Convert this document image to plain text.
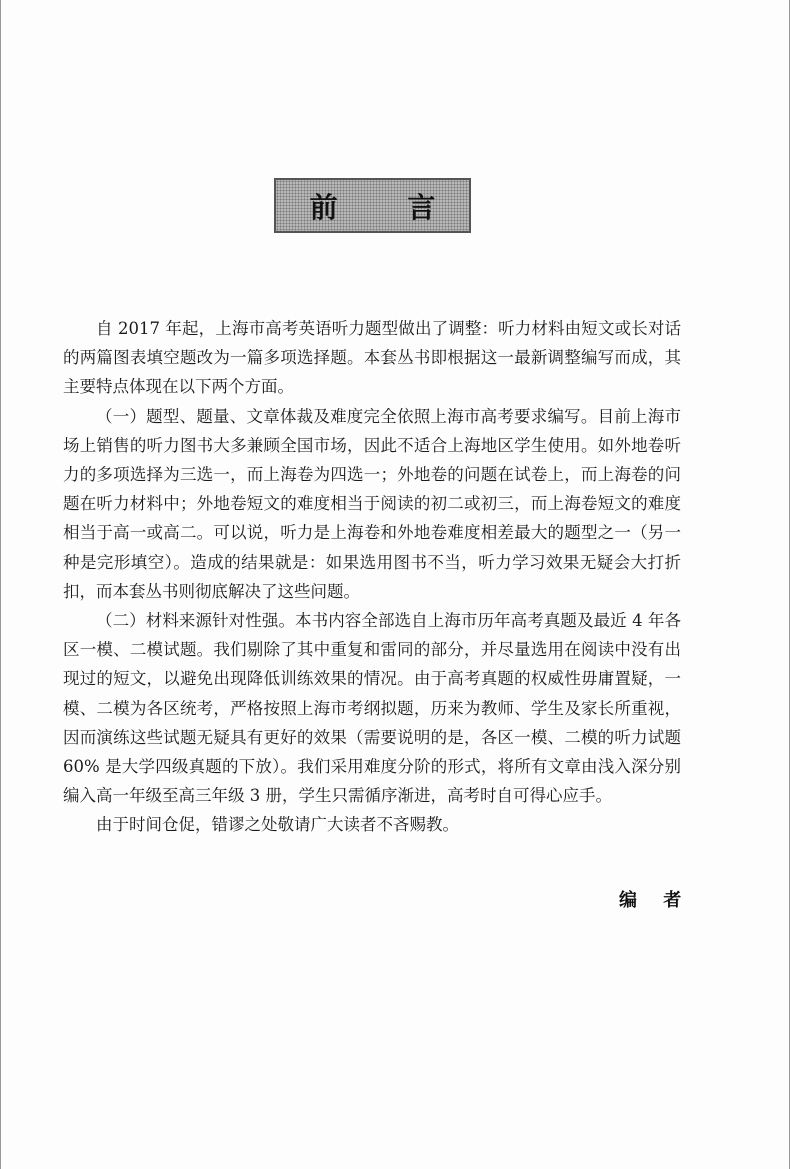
前 言

自 2017 年起，上海市高考英语听力题型做出了调整：听力材料由短文或长对话的两篇图表填空题改为一篇多项选择题。本套丛书即根据这一最新调整编写而成，其主要特点体现在以下两个方面。

（一）题型、题量、文章体裁及难度完全依照上海市高考要求编写。目前上海市场上销售的听力图书大多兼顾全国市场，因此不适合上海地区学生使用。如外地卷听力的多项选择为三选一，而上海卷为四选一；外地卷的问题在试卷上，而上海卷的问题在听力材料中；外地卷短文的难度相当于阅读的初二或初三，而上海卷短文的难度相当于高一或高二。可以说，听力是上海卷和外地卷难度相差最大的题型之一（另一种是完形填空）。造成的结果就是：如果选用图书不当，听力学习效果无疑会大打折扣，而本套丛书则彻底解决了这些问题。

（二）材料来源针对性强。本书内容全部选自上海市历年高考真题及最近 4 年各区一模、二模试题。我们剔除了其中重复和雷同的部分，并尽量选用在阅读中没有出现过的短文，以避免出现降低训练效果的情况。由于高考真题的权威性毋庸置疑，一模、二模为各区统考，严格按照上海市考纲拟题，历来为教师、学生及家长所重视，因而演练这些试题无疑具有更好的效果（需要说明的是，各区一模、二模的听力试题 60% 是大学四级真题的下放）。我们采用难度分阶的形式，将所有文章由浅入深分别编入高一年级至高三年级 3 册，学生只需循序渐进，高考时自可得心应手。

由于时间仓促，错谬之处敬请广大读者不吝赐教。

编 者
